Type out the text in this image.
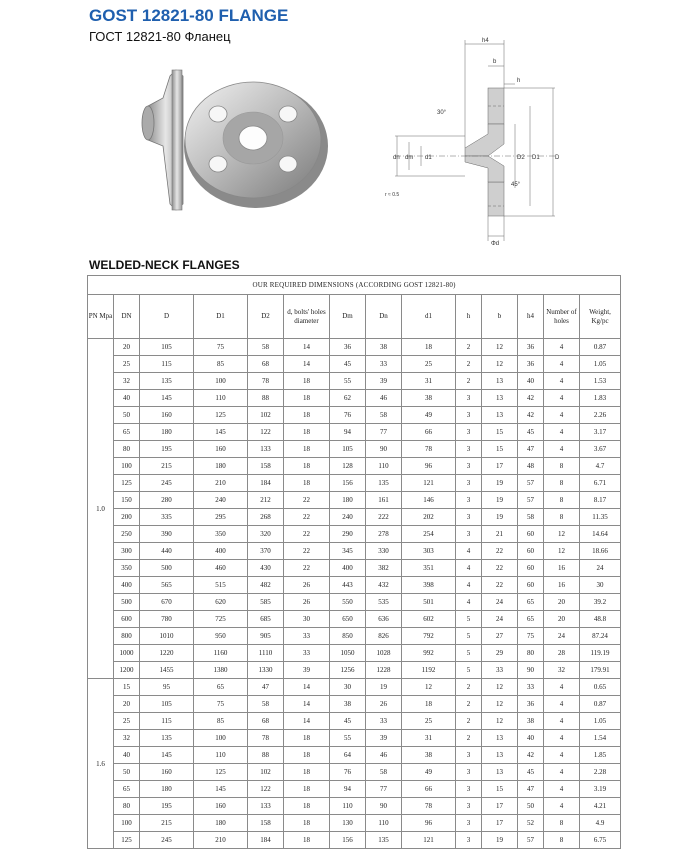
GOST 12821-80 FLANGE
ГОСТ 12821-80 Фланец	h4
b
h
30°
45°
dn dm d1	D2 D1	D
r ≈ 0.5
Φd
WELDED-NECK FLANGES
OUR REQUIRED DIMENSIONS (ACCORDING GOST 12821-80)													
PN Mpa	DN	D	D1	D2	d, bolts' holes diameter	Dm	Dn	d1	h	b	h4	Number of holes	Weight, Kg/pc
1.0	20	105	75	58	14	36	38	18	2	12	36	4	0.87
	25	115	85	68	14	45	33	25	2	12	36	4	1.05
	32	135	100	78	18	55	39	31	2	13	40	4	1.53
	40	145	110	88	18	62	46	38	3	13	42	4	1.83
	50	160	125	102	18	76	58	49	3	13	42	4	2.26
	65	180	145	122	18	94	77	66	3	15	45	4	3.17
	80	195	160	133	18	105	90	78	3	15	47	4	3.67
	100	215	180	158	18	128	110	96	3	17	48	8	4.7
	125	245	210	184	18	156	135	121	3	19	57	8	6.71
	150	280	240	212	22	180	161	146	3	19	57	8	8.17
	200	335	295	268	22	240	222	202	3	19	58	8	11.35
	250	390	350	320	22	290	278	254	3	21	60	12	14.64
	300	440	400	370	22	345	330	303	4	22	60	12	18.66
	350	500	460	430	22	400	382	351	4	22	60	16	24
	400	565	515	482	26	443	432	398	4	22	60	16	30
	500	670	620	585	26	550	535	501	4	24	65	20	39.2
	600	780	725	685	30	650	636	602	5	24	65	20	48.8
	800	1010	950	905	33	850	826	792	5	27	75	24	87.24
	1000	1220	1160	1110	33	1050	1028	992	5	29	80	28	119.19
	1200	1455	1380	1330	39	1256	1228	1192	5	33	90	32	179.91
1.6	15	95	65	47	14	30	19	12	2	12	33	4	0.65
	20	105	75	58	14	38	26	18	2	12	36	4	0.87
	25	115	85	68	14	45	33	25	2	12	38	4	1.05
	32	135	100	78	18	55	39	31	2	13	40	4	1.54
	40	145	110	88	18	64	46	38	3	13	42	4	1.85
	50	160	125	102	18	76	58	49	3	13	45	4	2.28
	65	180	145	122	18	94	77	66	3	15	47	4	3.19
	80	195	160	133	18	110	90	78	3	17	50	4	4.21
	100	215	180	158	18	130	110	96	3	17	52	8	4.9
	125	245	210	184	18	156	135	121	3	19	57	8	6.75
